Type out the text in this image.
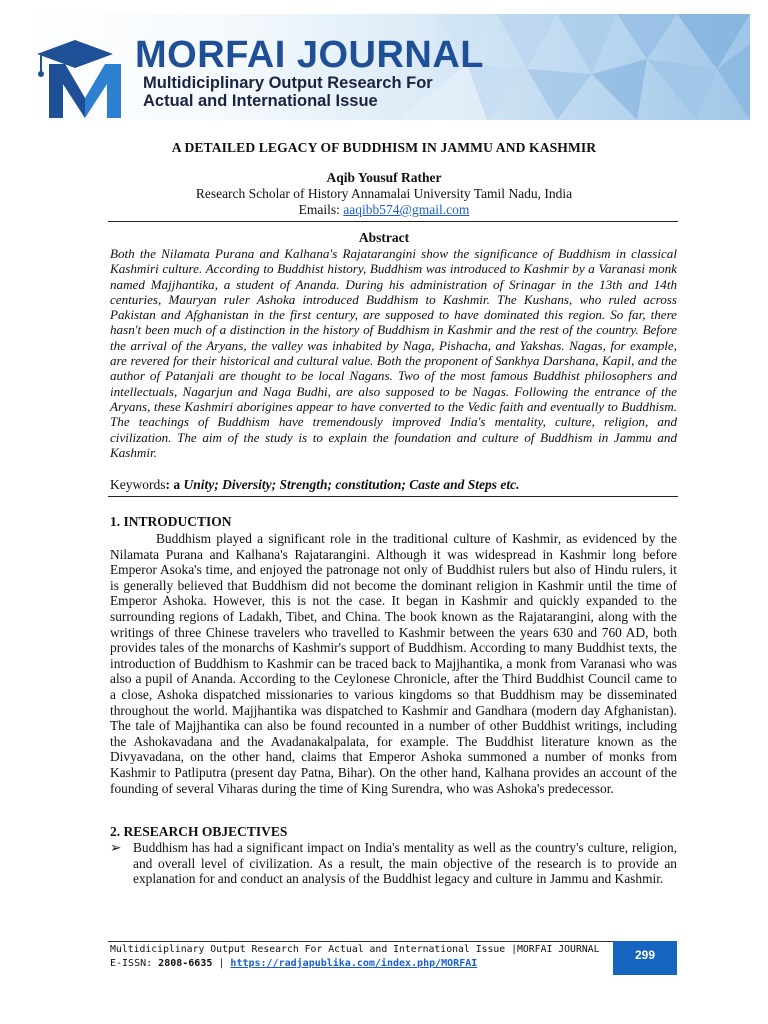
MORFAI JOURNAL
Multidiciplinary Output Research For
Actual and International Issue
A DETAILED LEGACY OF BUDDHISM IN JAMMU AND KASHMIR
Aqib Yousuf Rather
Research Scholar of History Annamalai University Tamil Nadu, India
Emails: aaqibb574@gmail.com
Abstract

Both the Nilamata Purana and Kalhana's Rajatarangini show the significance of Buddhism in classical Kashmiri culture. According to Buddhist history, Buddhism was introduced to Kashmir by a Varanasi monk named Majjhantika, a student of Ananda. During his administration of Srinagar in the 13th and 14th centuries, Mauryan ruler Ashoka introduced Buddhism to Kashmir. The Kushans, who ruled across Pakistan and Afghanistan in the first century, are supposed to have dominated this region. So far, there hasn't been much of a distinction in the history of Buddhism in Kashmir and the rest of the country. Before the arrival of the Aryans, the valley was inhabited by Naga, Pishacha, and Yakshas. Nagas, for example, are revered for their historical and cultural value. Both the proponent of Sankhya Darshana, Kapil, and the author of Patanjali are thought to be local Nagans. Two of the most famous Buddhist philosophers and intellectuals, Nagarjun and Naga Budhi, are also supposed to be Nagas. Following the entrance of the Aryans, these Kashmiri aborigines appear to have converted to the Vedic faith and eventually to Buddhism. The teachings of Buddhism have tremendously improved India's mentality, culture, religion, and civilization. The aim of the study is to explain the foundation and culture of Buddhism in Jammu and Kashmir.

Keywords: a Unity; Diversity; Strength; constitution; Caste and Steps etc.
1. INTRODUCTION

Buddhism played a significant role in the traditional culture of Kashmir, as evidenced by the Nilamata Purana and Kalhana's Rajatarangini. Although it was widespread in Kashmir long before Emperor Asoka's time, and enjoyed the patronage not only of Buddhist rulers but also of Hindu rulers, it is generally believed that Buddhism did not become the dominant religion in Kashmir until the time of Emperor Ashoka. However, this is not the case. It began in Kashmir and quickly expanded to the surrounding regions of Ladakh, Tibet, and China. The book known as the Rajatarangini, along with the writings of three Chinese travelers who travelled to Kashmir between the years 630 and 760 AD, both provides tales of the monarchs of Kashmir's support of Buddhism. According to many Buddhist texts, the introduction of Buddhism to Kashmir can be traced back to Majjhantika, a monk from Varanasi who was also a pupil of Ananda. According to the Ceylonese Chronicle, after the Third Buddhist Council came to a close, Ashoka dispatched missionaries to various kingdoms so that Buddhism may be disseminated throughout the world. Majjhantika was dispatched to Kashmir and Gandhara (modern day Afghanistan). The tale of Majjhantika can also be found recounted in a number of other Buddhist writings, including the Ashokavadana and the Avadanakalpalata, for example. The Buddhist literature known as the Divyavadana, on the other hand, claims that Emperor Ashoka summoned a number of monks from Kashmir to Patliputra (present day Patna, Bihar). On the other hand, Kalhana provides an account of the founding of several Viharas during the time of King Surendra, who was Ashoka's predecessor.

2. RESEARCH OBJECTIVES
➢ Buddhism has had a significant impact on India's mentality as well as the country's culture, religion, and overall level of civilization. As a result, the main objective of the research is to provide an explanation for and conduct an analysis of the Buddhist legacy and culture in Jammu and Kashmir.
Multidiciplinary Output Research For Actual and International Issue |MORFAI JOURNAL
E-ISSN: 2808-6635 | https://radjapublika.com/index.php/MORFAI
299
